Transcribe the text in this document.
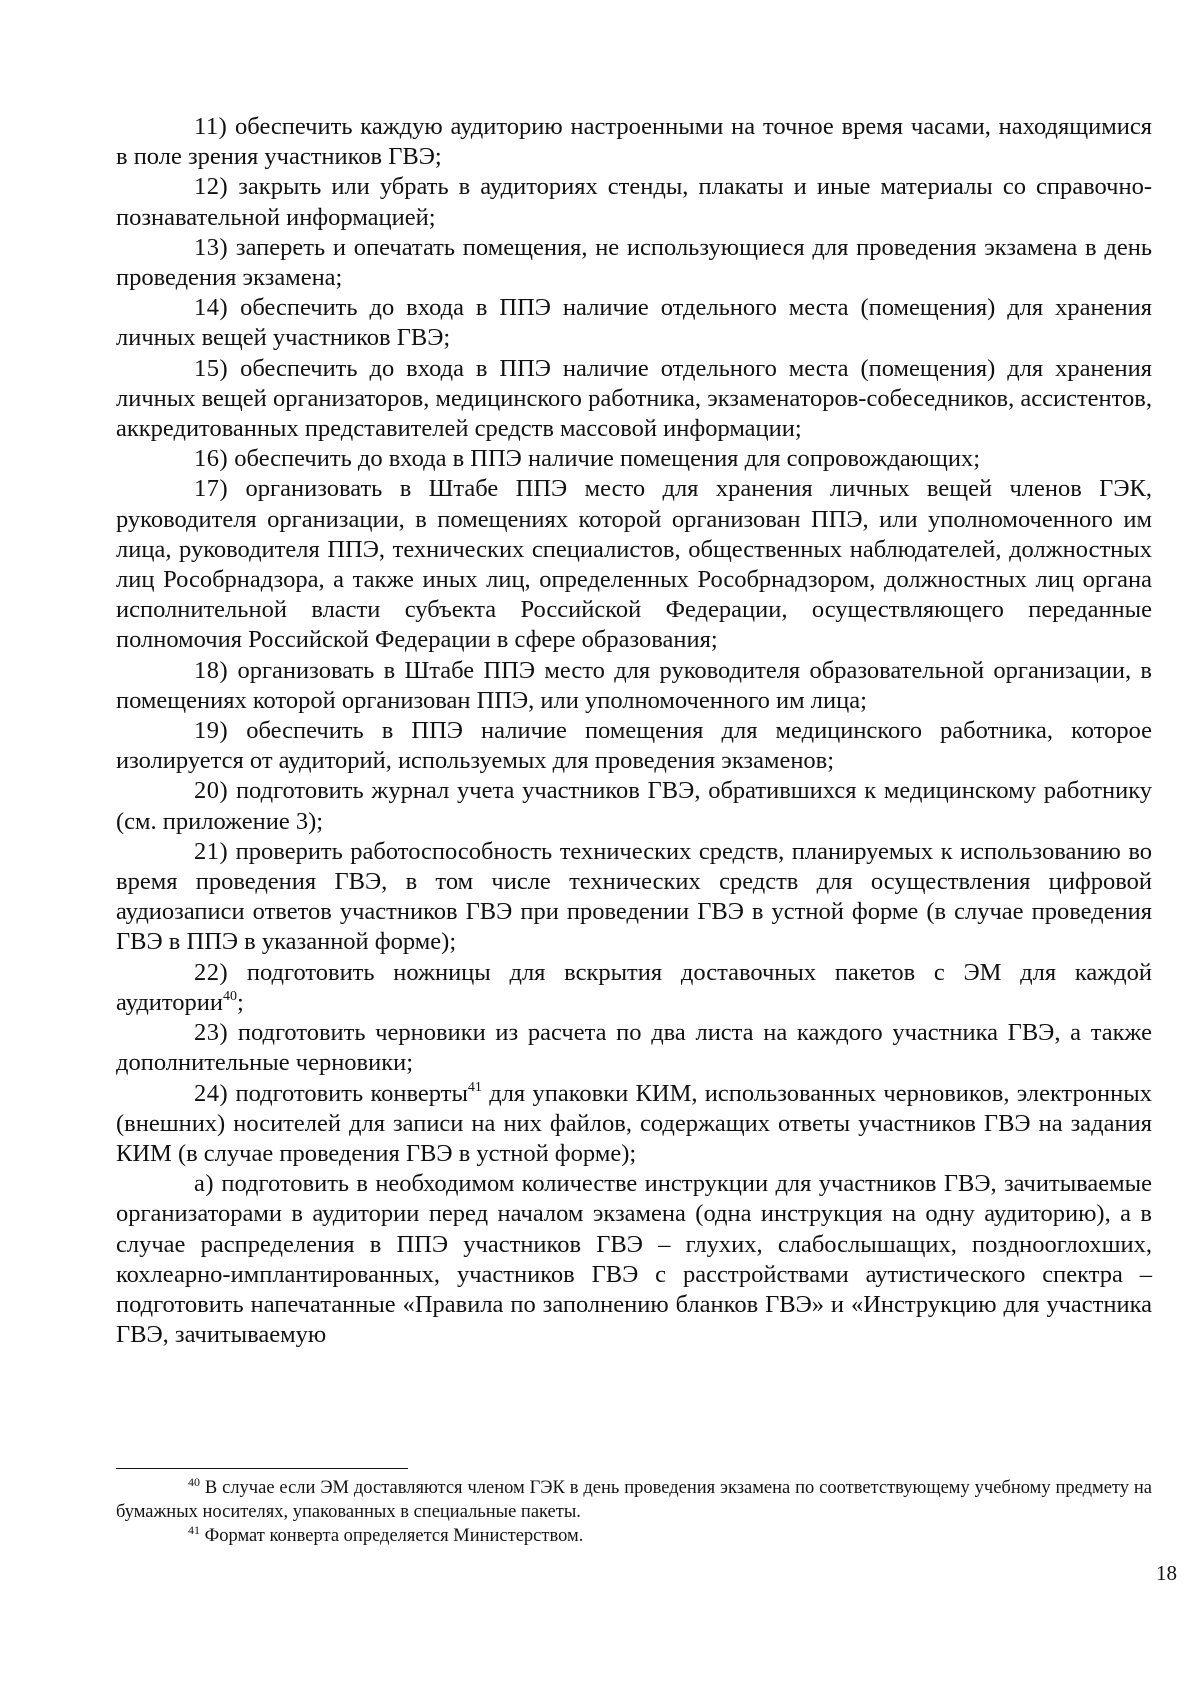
11) обеспечить каждую аудиторию настроенными на точное время часами, находящимися в поле зрения участников ГВЭ;

12) закрыть или убрать в аудиториях стенды, плакаты и иные материалы со справочно-познавательной информацией;

13) запереть и опечатать помещения, не использующиеся для проведения экзамена в день проведения экзамена;

14) обеспечить до входа в ППЭ наличие отдельного места (помещения) для хранения личных вещей участников ГВЭ;

15) обеспечить до входа в ППЭ наличие отдельного места (помещения) для хранения личных вещей организаторов, медицинского работника, экзаменаторов-собеседников, ассистентов, аккредитованных представителей средств массовой информации;

16) обеспечить до входа в ППЭ наличие помещения для сопровождающих;

17) организовать в Штабе ППЭ место для хранения личных вещей членов ГЭК, руководителя организации, в помещениях которой организован ППЭ, или уполномоченного им лица, руководителя ППЭ, технических специалистов, общественных наблюдателей, должностных лиц Рособрнадзора, а также иных лиц, определенных Рособрнадзором, должностных лиц органа исполнительной власти субъекта Российской Федерации, осуществляющего переданные полномочия Российской Федерации в сфере образования;

18) организовать в Штабе ППЭ место для руководителя образовательной организации, в помещениях которой организован ППЭ, или уполномоченного им лица;

19) обеспечить в ППЭ наличие помещения для медицинского работника, которое изолируется от аудиторий, используемых для проведения экзаменов;

20) подготовить журнал учета участников ГВЭ, обратившихся к медицинскому работнику (см. приложение 3);

21) проверить работоспособность технических средств, планируемых к использованию во время проведения ГВЭ, в том числе технических средств для осуществления цифровой аудиозаписи ответов участников ГВЭ при проведении ГВЭ в устной форме (в случае проведения ГВЭ в ППЭ в указанной форме);

22) подготовить ножницы для вскрытия доставочных пакетов с ЭМ для каждой аудитории$^{40}$;

23) подготовить черновики из расчета по два листа на каждого участника ГВЭ, а также дополнительные черновики;

24) подготовить конверты$^{41}$ для упаковки КИМ, использованных черновиков, электронных (внешних) носителей для записи на них файлов, содержащих ответы участников ГВЭ на задания КИМ (в случае проведения ГВЭ в устной форме);

а) подготовить в необходимом количестве инструкции для участников ГВЭ, зачитываемые организаторами в аудитории перед началом экзамена (одна инструкция на одну аудиторию), а в случае распределения в ППЭ участников ГВЭ – глухих, слабослышащих, позднооглохших, кохлеарно-имплантированных, участников ГВЭ с расстройствами аутистического спектра – подготовить напечатанные «Правила по заполнению бланков ГВЭ» и «Инструкцию для участника ГВЭ, зачитываемую

$^{40}$ В случае если ЭМ доставляются членом ГЭК в день проведения экзамена по соответствующему учебному предмету на бумажных носителях, упакованных в специальные пакеты.

$^{41}$ Формат конверта определяется Министерством.

18
